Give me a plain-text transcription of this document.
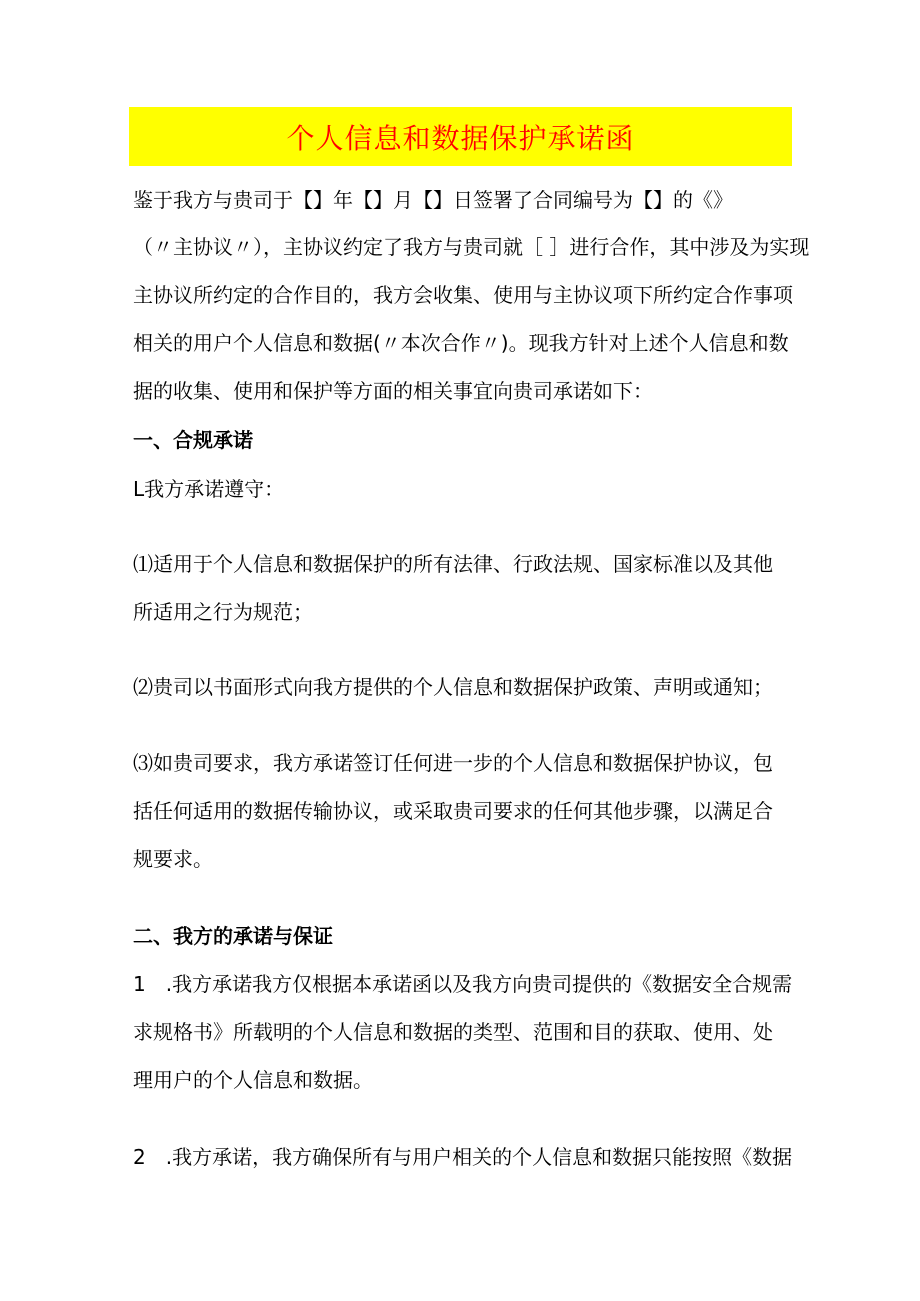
个人信息和数据保护承诺函
鉴于我方与贵司于【】年【】月【】日签署了合同编号为【】的《》
（〃主协议〃），主协议约定了我方与贵司就［ ］进行合作，其中涉及为实现
主协议所约定的合作目的，我方会收集、使用与主协议项下所约定合作事项
相关的用户个人信息和数据(〃本次合作〃)。现我方针对上述个人信息和数
据的收集、使用和保护等方面的相关事宜向贵司承诺如下：
一、合规承诺
L我方承诺遵守：
⑴适用于个人信息和数据保护的所有法律、行政法规、国家标准以及其他
所适用之行为规范；
⑵贵司以书面形式向我方提供的个人信息和数据保护政策、声明或通知；
⑶如贵司要求，我方承诺签订任何进一步的个人信息和数据保护协议，包
括任何适用的数据传输协议，或采取贵司要求的任何其他步骤，以满足合
规要求。
二、我方的承诺与保证
1　.我方承诺我方仅根据本承诺函以及我方向贵司提供的《数据安全合规需
求规格书》所载明的个人信息和数据的类型、范围和目的获取、使用、处
理用户的个人信息和数据。
2　.我方承诺，我方确保所有与用户相关的个人信息和数据只能按照《数据
